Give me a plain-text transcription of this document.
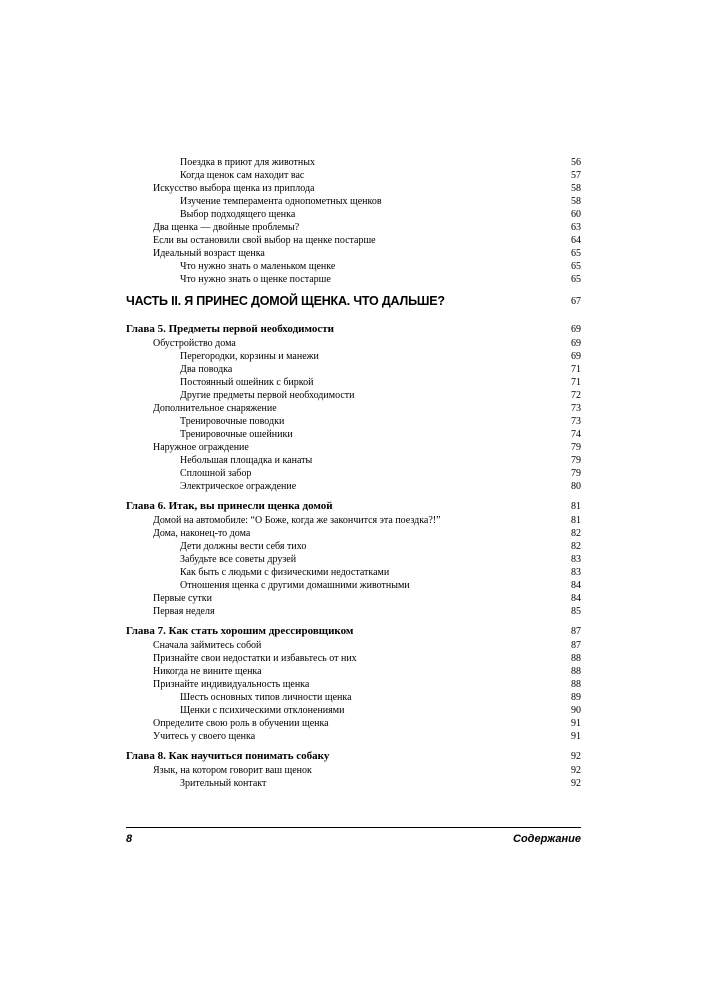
Поездка в приют для животных	56
Когда щенок сам находит вас	57
Искусство выбора щенка из приплода	58
Изучение темперамента однопометных щенков	58
Выбор подходящего щенка	60
Два щенка — двойные проблемы?	63
Если вы остановили свой выбор на щенке постарше	64
Идеальный возраст щенка	65
Что нужно знать о маленьком щенке	65
Что нужно знать о щенке постарше	65
ЧАСТЬ II. Я ПРИНЕС ДОМОЙ ЩЕНКА. ЧТО ДАЛЬШЕ?	67
Глава 5. Предметы первой необходимости	69
Обустройство дома	69
Перегородки, корзины и манежи	69
Два поводка	71
Постоянный ошейник с биркой	71
Другие предметы первой необходимости	72
Дополнительное снаряжение	73
Тренировочные поводки	73
Тренировочные ошейники	74
Наружное ограждение	79
Небольшая площадка и канаты	79
Сплошной забор	79
Электрическое ограждение	80
Глава 6. Итак, вы принесли щенка домой	81
Домой на автомобиле: “О Боже, когда же закончится эта поездка?!”	81
Дома, наконец-то дома	82
Дети должны вести себя тихо	82
Забудьте все советы друзей	83
Как быть с людьми с физическими недостатками	83
Отношения щенка с другими домашними животными	84
Первые сутки	84
Первая неделя	85
Глава 7. Как стать хорошим дрессировщиком	87
Сначала займитесь собой	87
Признайте свои недостатки и избавьтесь от них	88
Никогда не вините щенка	88
Признайте индивидуальность щенка	88
Шесть основных типов личности щенка	89
Щенки с психическими отклонениями	90
Определите свою роль в обучении щенка	91
Учитесь у своего щенка	91
Глава 8. Как научиться понимать собаку	92
Язык, на котором говорит ваш щенок	92
Зрительный контакт	92
8	Содержание
